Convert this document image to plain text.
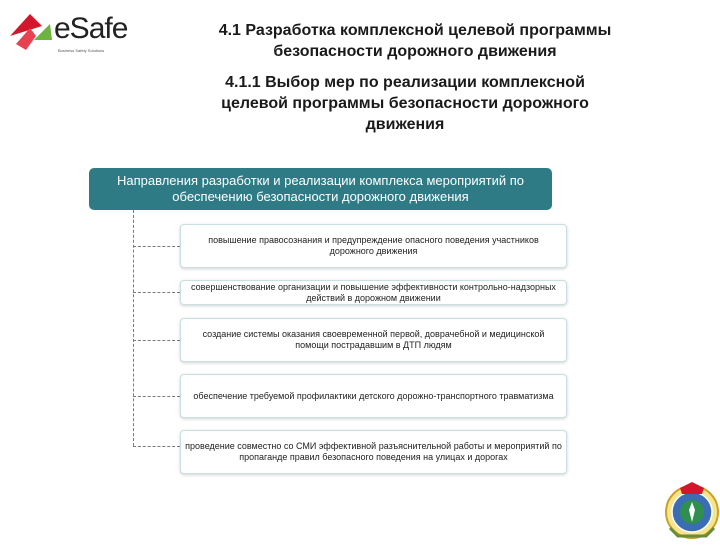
eSafe
Business Safety Solutions
4.1 Разработка комплексной целевой программы безопасности дорожного движения
4.1.1 Выбор мер по реализации комплексной целевой программы безопасности дорожного движения
Направления разработки и реализации комплекса мероприятий по обеспечению безопасности дорожного движения
повышение правосознания и предупреждение опасного поведения участников дорожного движения
совершенствование организации и повышение эффективности контрольно-надзорных действий в дорожном движении
создание системы оказания своевременной первой, доврачебной и медицинской помощи пострадавшим в ДТП людям
обеспечение требуемой профилактики детского дорожно-транспортного травматизма
проведение совместно со СМИ эффективной разъяснительной работы и мероприятий по пропаганде правил безопасного поведения на улицах и дорогах
